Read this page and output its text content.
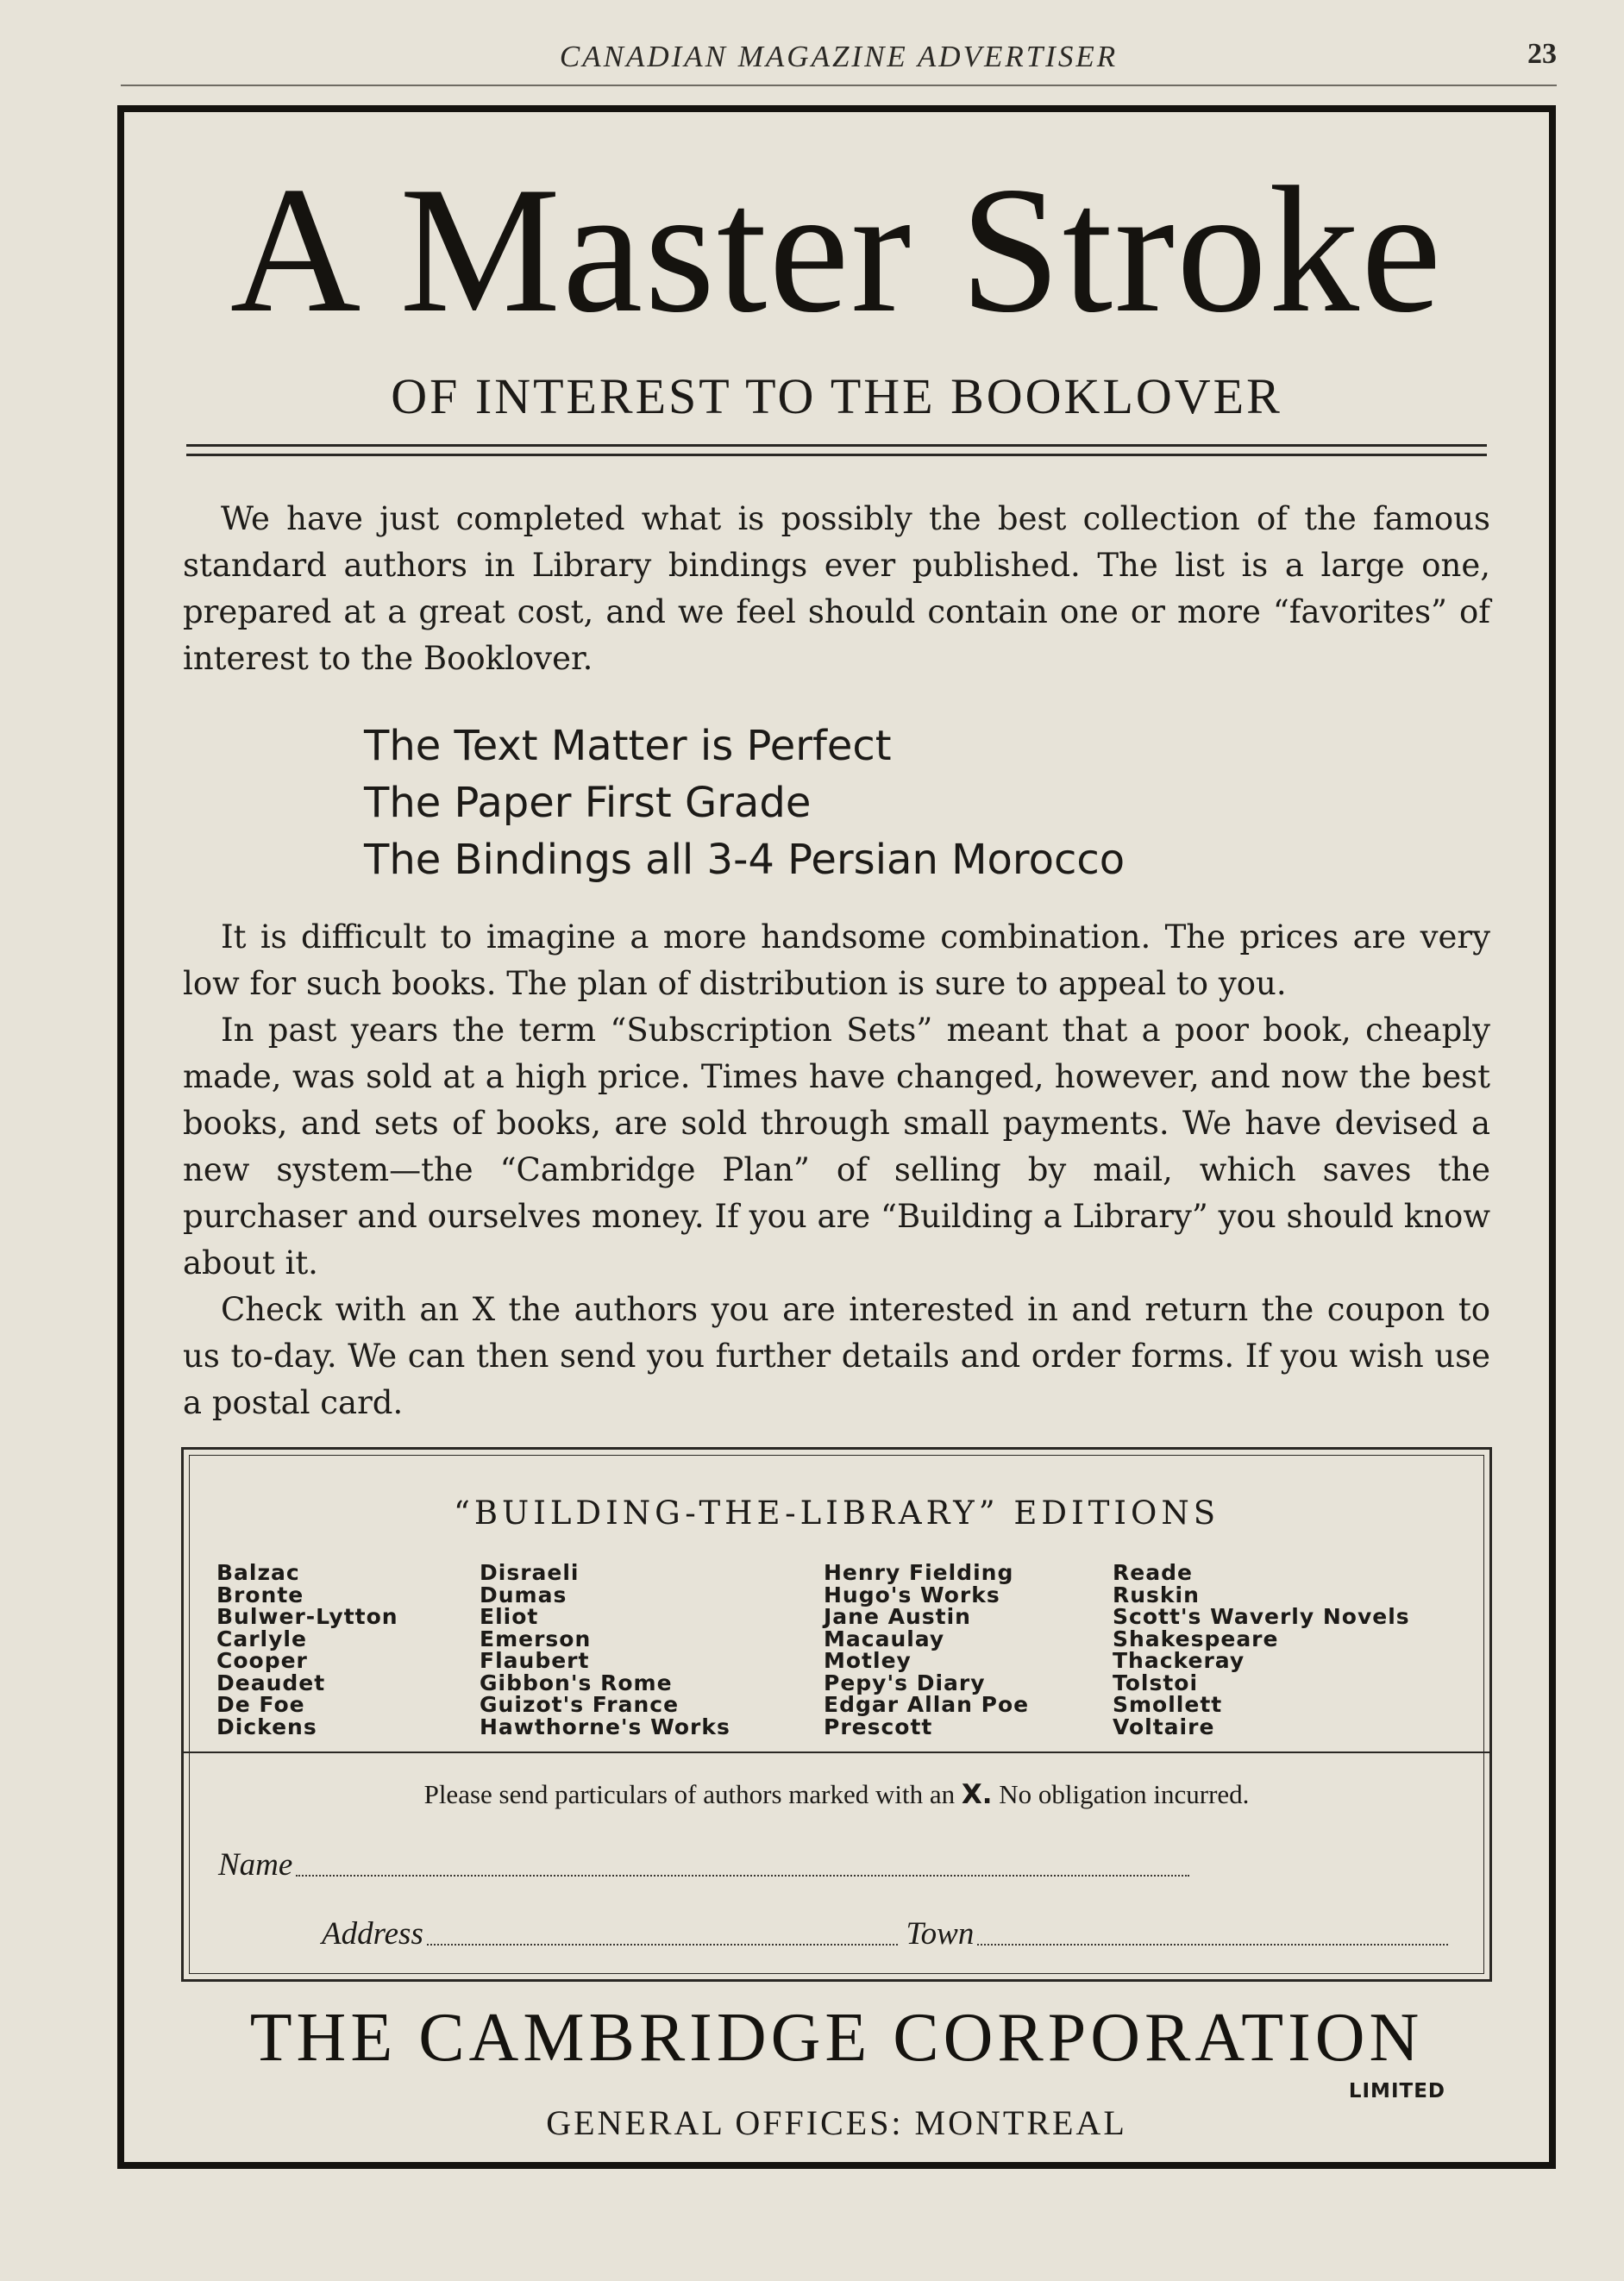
CANADIAN MAGAZINE ADVERTISER	23
A Master Stroke
OF INTEREST TO THE BOOKLOVER

We have just completed what is possibly the best collection of the famous standard authors in Library bindings ever published. The list is a large one, prepared at a great cost, and we feel should contain one or more “favorites” of interest to the Booklover.

The Text Matter is Perfect
The Paper First Grade
The Bindings all 3-4 Persian Morocco

It is difficult to imagine a more handsome combination. The prices are very low for such books. The plan of distribution is sure to appeal to you.

In past years the term “Subscription Sets” meant that a poor book, cheaply made, was sold at a high price. Times have changed, however, and now the best books, and sets of books, are sold through small payments. We have devised a new system—the “Cambridge Plan” of selling by mail, which saves the purchaser and ourselves money. If you are “Building a Library” you should know about it.

Check with an X the authors you are interested in and return the coupon to us to-day. We can then send you further details and order forms. If you wish use a postal card.

“BUILDING-THE-LIBRARY” EDITIONS
Balzac
Bronte
Bulwer-Lytton
Carlyle
Cooper
Deaudet
De Foe
Dickens
Disraeli
Dumas
Eliot
Emerson
Flaubert
Gibbon's Rome
Guizot's France
Hawthorne's Works
Henry Fielding
Hugo's Works
Jane Austin
Macaulay
Motley
Pepy's Diary
Edgar Allan Poe
Prescott
Reade
Ruskin
Scott's Waverly Novels
Shakespeare
Thackeray
Tolstoi
Smollett
Voltaire
Please send particulars of authors marked with an X. No obligation incurred.
Name
Address	Town
THE CAMBRIDGE CORPORATION
LIMITED
GENERAL OFFICES: MONTREAL
